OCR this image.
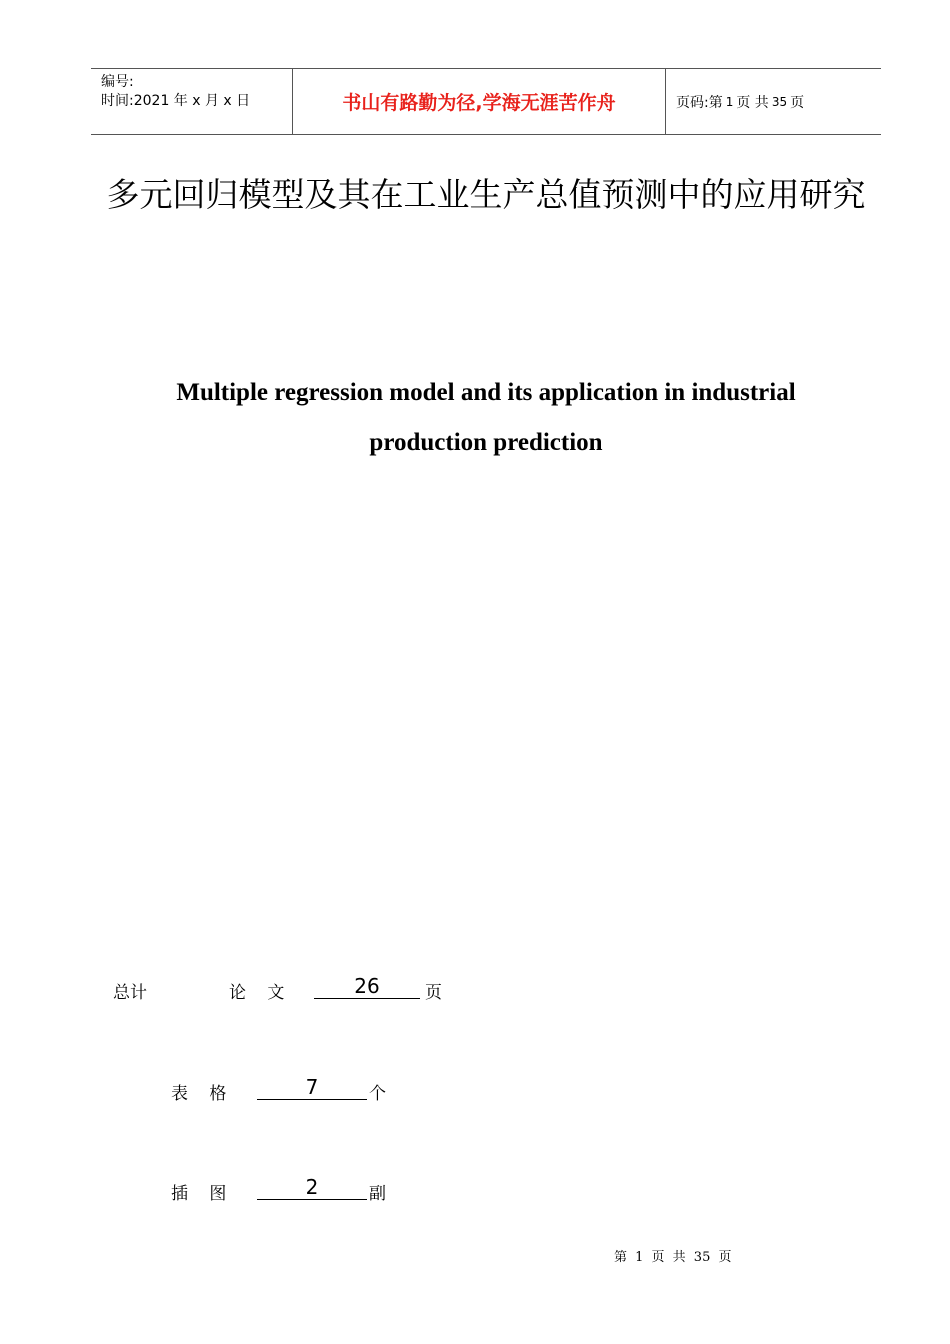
编号:
时间:2021 年 x 月 x 日	书山有路勤为径,学海无涯苦作舟	页码:第 1 页 共 35 页
多元回归模型及其在工业生产总值预测中的应用研究
Multiple regression model and its application in industrial
production prediction
总计	论 文	26	页
表 格	7	个
插 图	2	副
第 1 页 共 35 页
